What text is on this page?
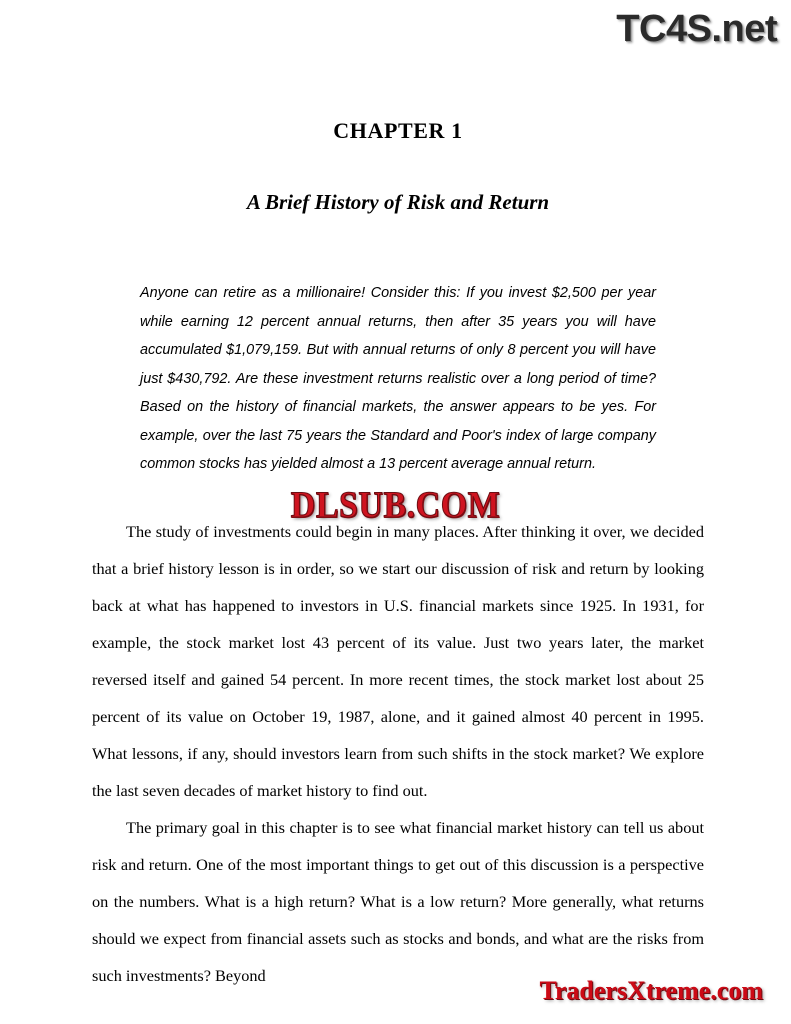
TC4S.net
CHAPTER 1
A Brief History of Risk and Return
Anyone can retire as a millionaire! Consider this: If you invest $2,500 per year while earning 12 percent annual returns, then after 35 years you will have accumulated $1,079,159. But with annual returns of only 8 percent you will have just $430,792. Are these investment returns realistic over a long period of time? Based on the history of financial markets, the answer appears to be yes. For example, over the last 75 years the Standard and Poor's index of large company common stocks has yielded almost a 13 percent average annual return.

The study of investments could begin in many places. After thinking it over, we decided that a brief history lesson is in order, so we start our discussion of risk and return by looking back at what has happened to investors in U.S. financial markets since 1925. In 1931, for example, the stock market lost 43 percent of its value. Just two years later, the market reversed itself and gained 54 percent. In more recent times, the stock market lost about 25 percent of its value on October 19, 1987, alone, and it gained almost 40 percent in 1995. What lessons, if any, should investors learn from such shifts in the stock market? We explore the last seven decades of market history to find out.

The primary goal in this chapter is to see what financial market history can tell us about risk and return. One of the most important things to get out of this discussion is a perspective on the numbers. What is a high return? What is a low return? More generally, what returns should we expect from financial assets such as stocks and bonds, and what are the risks from such investments? Beyond

DLSUB.COM
TradersXtreme.com
